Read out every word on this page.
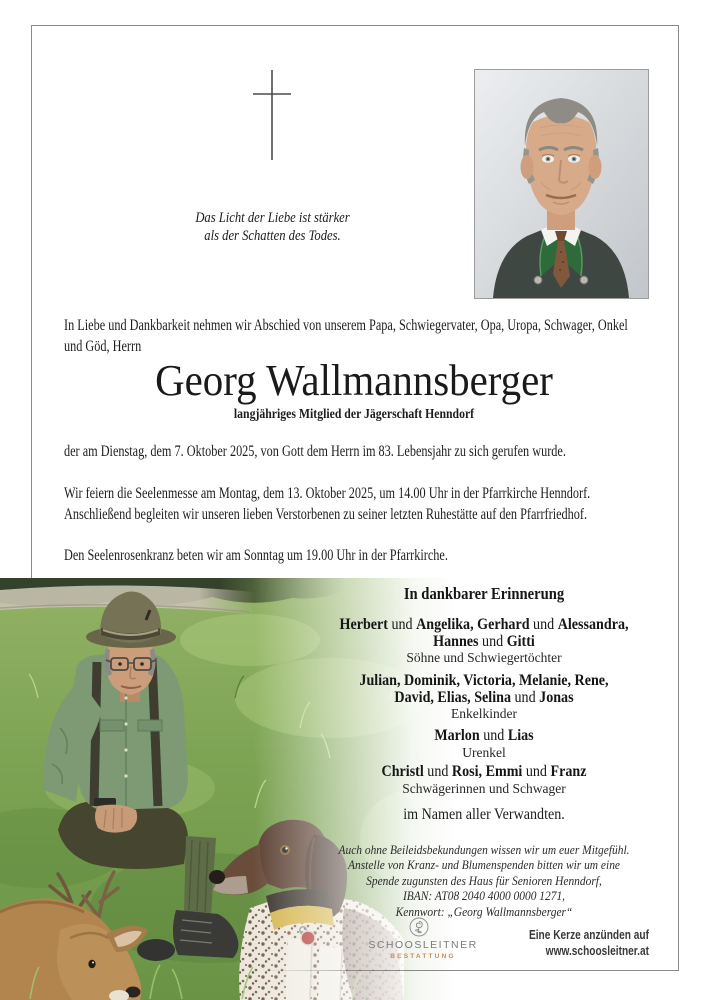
Das Licht der Liebe ist stärker
als der Schatten des Todes.
In Liebe und Dankbarkeit nehmen wir Abschied von unserem Papa, Schwiegervater, Opa, Uropa, Schwager, Onkel und Göd, Herrn
Georg Wallmannsberger
langjähriges Mitglied der Jägerschaft Henndorf
der am Dienstag, dem 7. Oktober 2025, von Gott dem Herrn im 83. Lebensjahr zu sich gerufen wurde.
Wir feiern die Seelenmesse am Montag, dem 13. Oktober 2025, um 14.00 Uhr in der Pfarrkirche Henndorf. Anschließend begleiten wir unseren lieben Verstorbenen zu seiner letzten Ruhestätte auf den Pfarrfriedhof.
Den Seelenrosenkranz beten wir am Sonntag um 19.00 Uhr in der Pfarrkirche.
In dankbarer Erinnerung
Herbert und Angelika, Gerhard und Alessandra,
Hannes und Gitti
Söhne und Schwiegertöchter
Julian, Dominik, Victoria, Melanie, Rene,
David, Elias, Selina und Jonas
Enkelkinder
Marlon und Lias
Urenkel
Christl und Rosi, Emmi und Franz
Schwägerinnen und Schwager
im Namen aller Verwandten.
Auch ohne Beileidsbekundungen wissen wir um euer Mitgefühl.
Anstelle von Kranz- und Blumenspenden bitten wir um eine
Spende zugunsten des Haus für Senioren Henndorf,
IBAN: AT08 2040 4000 0000 1271,
Kennwort: „Georg Wallmannsberger“
SCHOOSLEITNER
BESTATTUNG
Eine Kerze anzünden auf
www.schoosleitner.at
